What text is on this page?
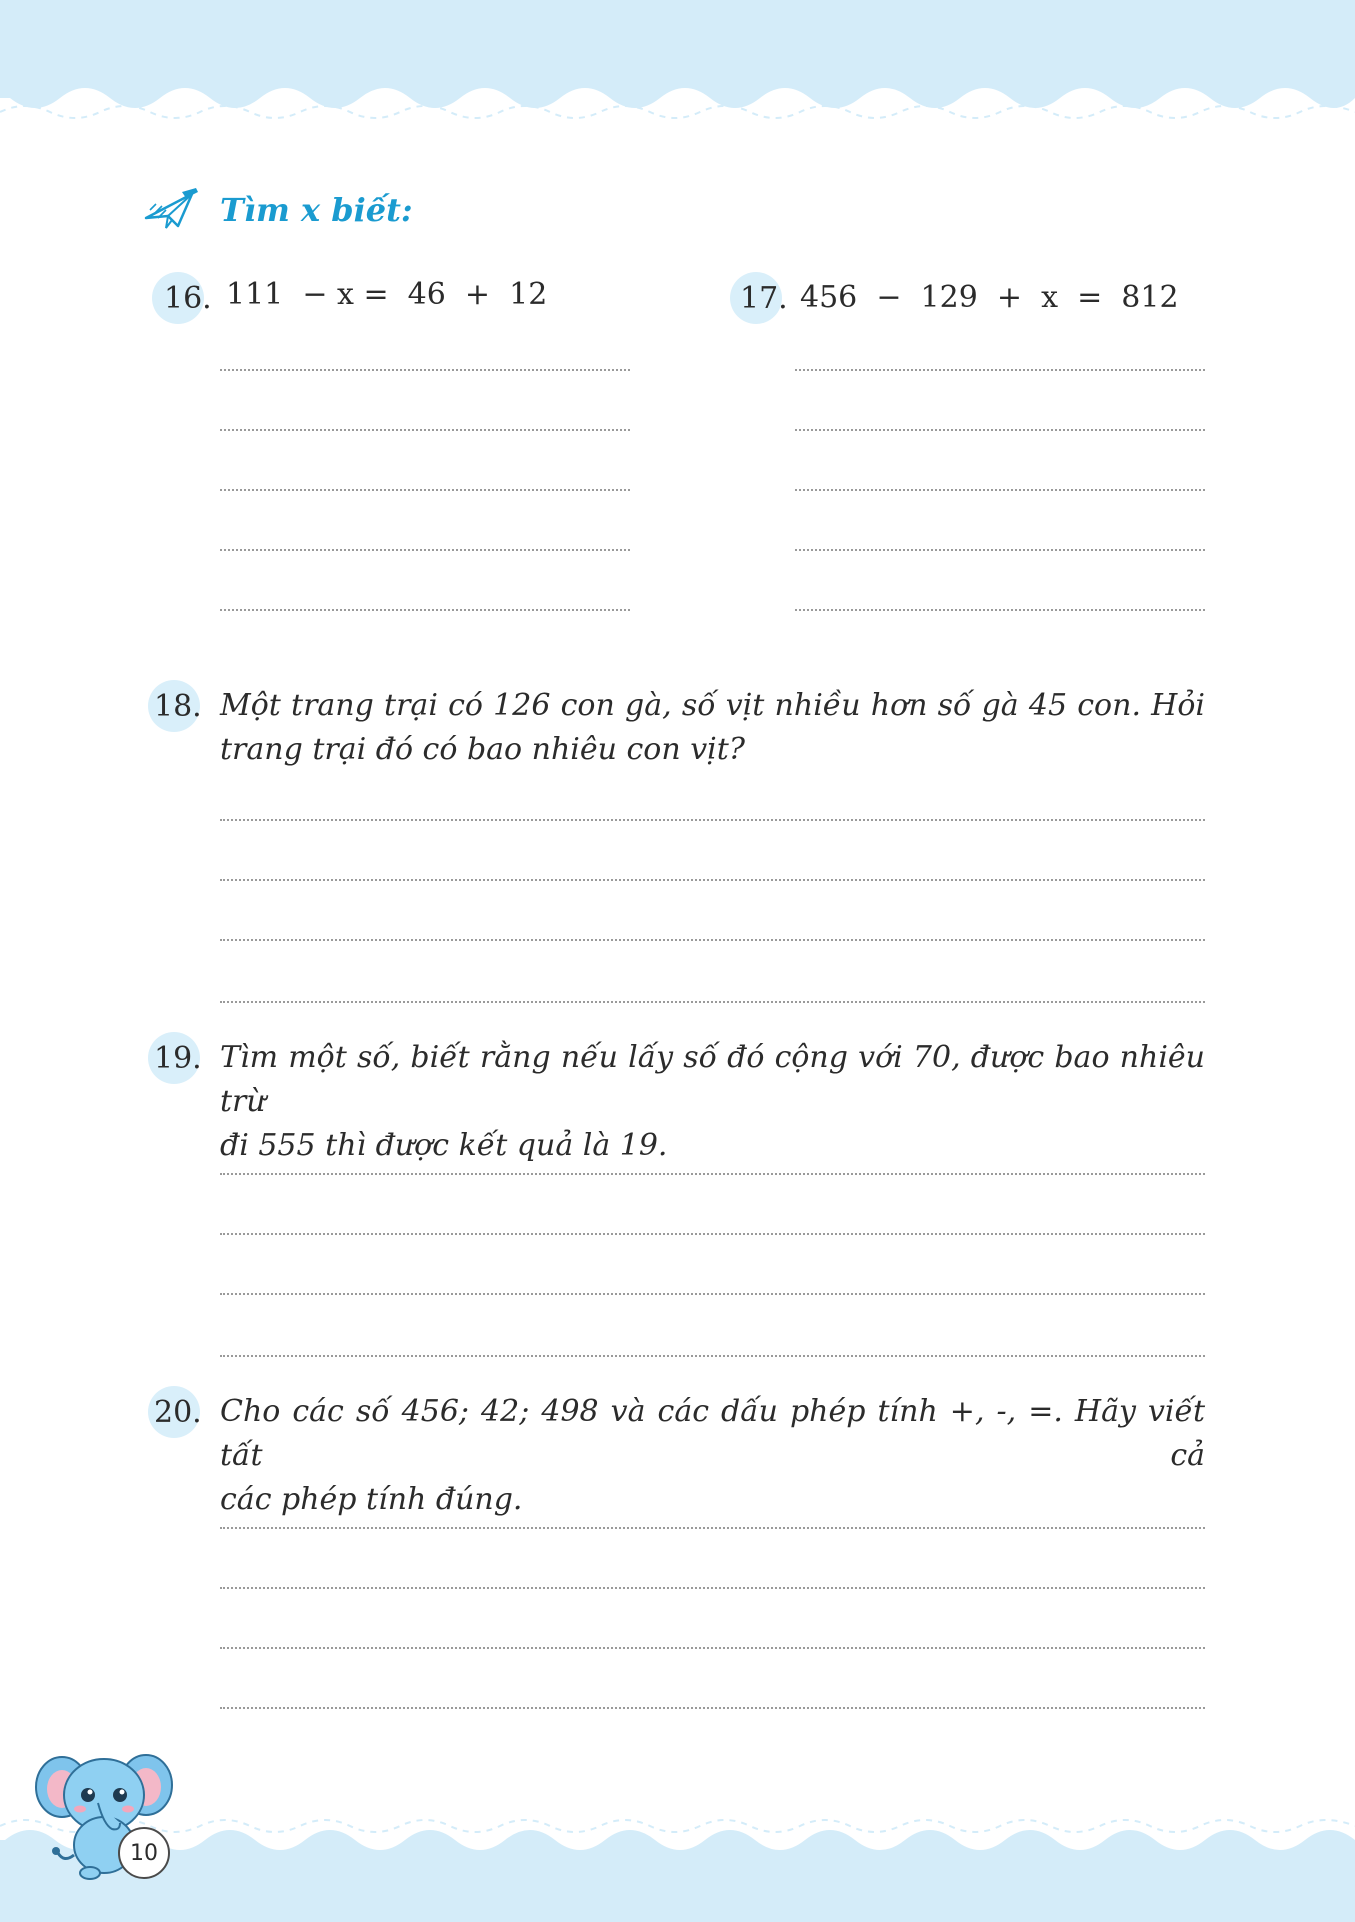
Tìm x biết:
16. 111  − x =  46  +  12	17. 456  −  129  +  x  =  812
18. Một trang trại có 126 con gà, số vịt nhiều hơn số gà 45 con. Hỏi
trang trại đó có bao nhiêu con vịt?
19. Tìm một số, biết rằng nếu lấy số đó cộng với 70, được bao nhiêu trừ
đi 555 thì được kết quả là 19.
20. Cho các số 456; 42; 498 và các dấu phép tính +, -, =. Hãy viết tất cả
các phép tính đúng.
10
